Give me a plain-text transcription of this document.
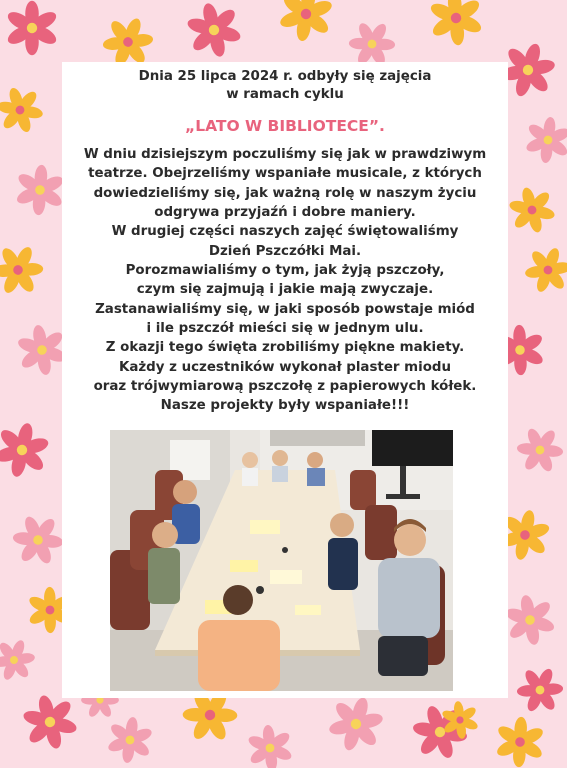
Dnia 25 lipca 2024 r. odbyły się zajęcia
w ramach cyklu

„LATO W BIBLIOTECE”.

W dniu dzisiejszym poczuliśmy się jak w prawdziwym
teatrze. Obejrzeliśmy wspaniałe musicale, z których
dowiedzieliśmy się, jak ważną rolę w naszym życiu
odgrywa przyjaźń i dobre maniery.
W drugiej części naszych zajęć świętowaliśmy
Dzień Pszczółki Mai.
Porozmawialiśmy o tym, jak żyją pszczoły,
czym się zajmują i jakie mają zwyczaje.
Zastanawialiśmy się, w jaki sposób powstaje miód
i ile pszczół mieści się w jednym ulu.
Z okazji tego święta zrobiliśmy piękne makiety.
Każdy z uczestników wykonał plaster miodu
oraz trójwymiarową pszczołę z papierowych kółek.
Nasze projekty były wspaniałe!!!
